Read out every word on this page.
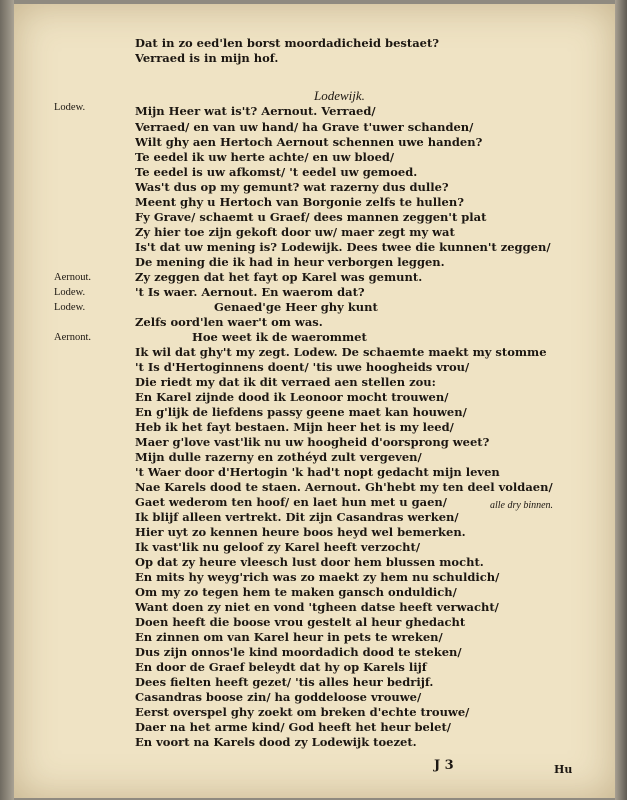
Dat in zo eed'len borst moordadicheid bestaet?
Verraed is in mijn hof.
Lodewijk.
Lodew.	Mijn Heer wat is't? Aernout. Verraed/
Verraed/ en van uw hand/ ha Grave t'uwer schanden/
Wilt ghy aen Hertoch Aernout schennen uwe handen?
Te eedel ik uw herte achte/ en uw bloed/
Te eedel is uw afkomst/ 't eedel uw gemoed.
Was't dus op my gemunt? wat razerny dus dulle?
Meent ghy u Hertoch van Borgonie zelfs te hullen?
Fy Grave/ schaemt u Graef/ dees mannen zeggen't plat
Zy hier toe zijn gekoft door uw/ maer zegt my wat
Is't dat uw mening is? Lodewijk. Dees twee die kunnen't zeggen/
De mening die ik had in heur verborgen leggen.
Aernout.	Zy zeggen dat het fayt op Karel was gemunt.
Lodew.	't Is waer. Aernout. En waerom dat?
Lodew.	Genaed'ge Heer ghy kunt
Zelfs oord'len waer't om was.
Aernont.	Hoe weet ik de waerommet
Ik wil dat ghy't my zegt. Lodew. De schaemte maekt my stomme
't Is d'Hertoginnens doent/ 'tis uwe hoogheids vrou/
Die riedt my dat ik dit verraed aen stellen zou:
En Karel zijnde dood ik Leonoor mocht trouwen/
En g'lijk de liefdens passy geene maet kan houwen/
Heb ik het fayt bestaen. Mijn heer het is my leed/
Maer g'love vast'lik nu uw hoogheid d'oorsprong weet?
Mijn dulle razerny en zothéyd zult vergeven/
't Waer door d'Hertogin 'k had't nopt gedacht mijn leven
Nae Karels dood te staen. Aernout. Gh'hebt my ten deel voldaen/
Gaet wederom ten hoof/ en laet hun met u gaen/	alle dry binnen.
Ik blijf alleen vertrekt. Dit zijn Casandras werken/
Hier uyt zo kennen heure boos heyd wel bemerken.
Ik vast'lik nu geloof zy Karel heeft verzocht/
Op dat zy heure vleesch lust door hem blussen mocht.
En mits hy weyg'rich was zo maekt zy hem nu schuldich/
Om my zo tegen hem te maken gansch onduldich/
Want doen zy niet en vond 'tgheen datse heeft verwacht/
Doen heeft die boose vrou gestelt al heur ghedacht
En zinnen om van Karel heur in pets te wreken/
Dus zijn onnos'le kind moordadich dood te steken/
En door de Graef beleydt dat hy op Karels lijf
Dees fielten heeft gezet/ 'tis alles heur bedrijf.
Casandras boose zin/ ha goddeloose vrouwe/
Eerst overspel ghy zoekt om breken d'echte trouwe/
Daer na het arme kind/ God heeft het heur belet/
En voort na Karels dood zy Lodewijk toezet.
J 3	Hu
